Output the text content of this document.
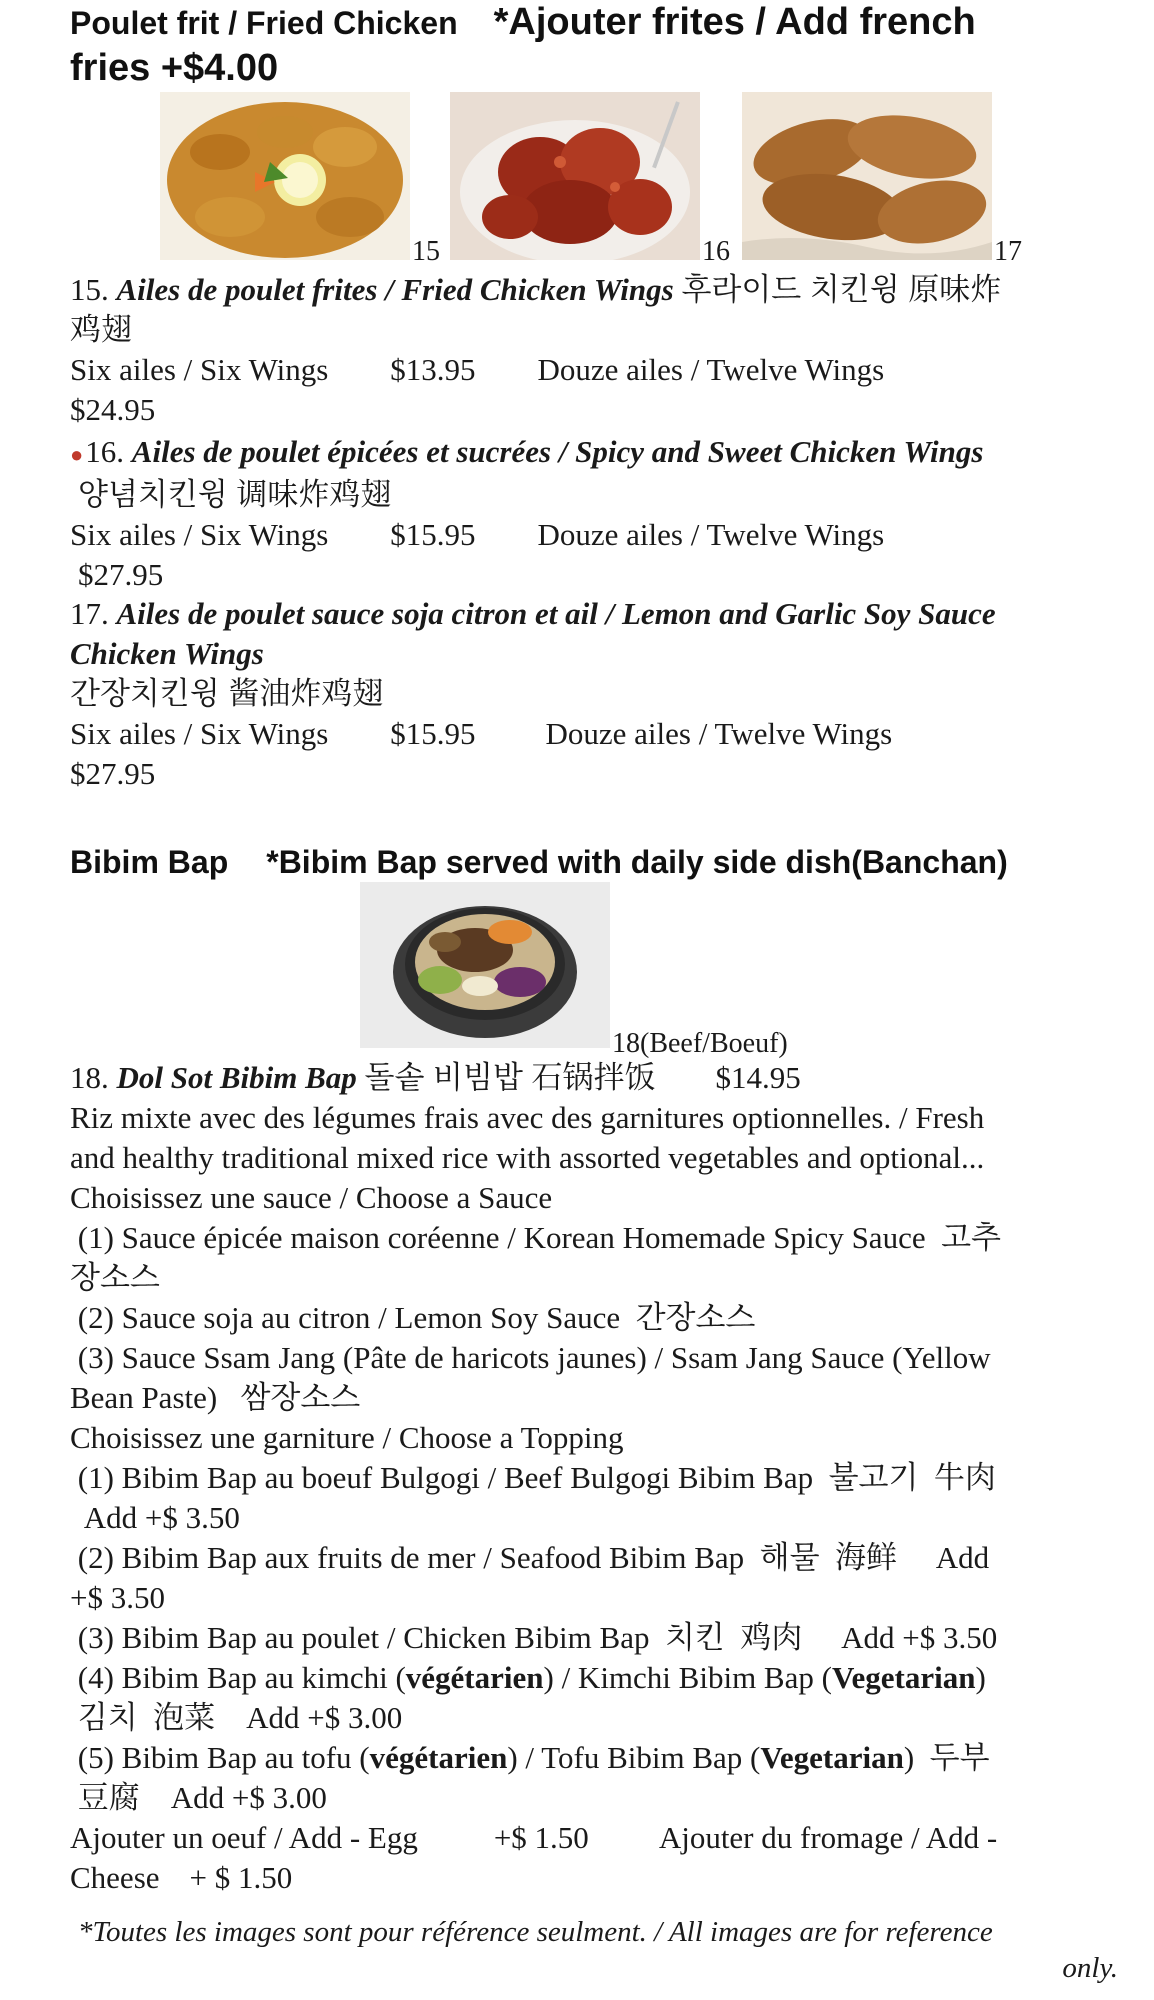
Poulet frit / Fried Chicken *Ajouter frites / Add french
fries +$4.00
15	16	17
15. Ailes de poulet frites / Fried Chicken Wings 후라이드 치킨윙 原味炸
鸡翅
Six ailes / Six Wings $13.95 Douze ailes / Twelve Wings
$24.95
●16. Ailes de poulet épicées et sucrées / Spicy and Sweet Chicken Wings
양념치킨윙 调味炸鸡翅
Six ailes / Six Wings $15.95 Douze ailes / Twelve Wings
$27.95
17. Ailes de poulet sauce soja citron et ail / Lemon and Garlic Soy Sauce
Chicken Wings
간장치킨윙 酱油炸鸡翅
Six ailes / Six Wings $15.95 Douze ailes / Twelve Wings
$27.95
Bibim Bap *Bibim Bap served with daily side dish(Banchan)
18(Beef/Boeuf)
18. Dol Sot Bibim Bap 돌솥 비빔밥 石锅拌饭 $14.95
Riz mixte avec des légumes frais avec des garnitures optionnelles. / Fresh
and healthy traditional mixed rice with assorted vegetables and optional...
Choisissez une sauce / Choose a Sauce
(1) Sauce épicée maison coréenne / Korean Homemade Spicy Sauce  고추
장소스
(2) Sauce soja au citron / Lemon Soy Sauce  간장소스
(3) Sauce Ssam Jang (Pâte de haricots jaunes) / Ssam Jang Sauce (Yellow
Bean Paste)   쌈장소스
Choisissez une garniture / Choose a Topping
(1) Bibim Bap au boeuf Bulgogi / Beef Bulgogi Bibim Bap  불고기  牛肉
Add +$ 3.50
(2) Bibim Bap aux fruits de mer / Seafood Bibim Bap  해물  海鲜     Add
+$ 3.50
(3) Bibim Bap au poulet / Chicken Bibim Bap  치킨  鸡肉     Add +$ 3.50
(4) Bibim Bap au kimchi (végétarien) / Kimchi Bibim Bap (Vegetarian)
김치  泡菜    Add +$ 3.00
(5) Bibim Bap au tofu (végétarien) / Tofu Bibim Bap (Vegetarian)  두부
豆腐    Add +$ 3.00
Ajouter un oeuf / Add - Egg +$ 1.50 Ajouter du fromage / Add -
Cheese + $ 1.50
*Toutes les images sont pour référence seulment. / All images are for reference
only.
